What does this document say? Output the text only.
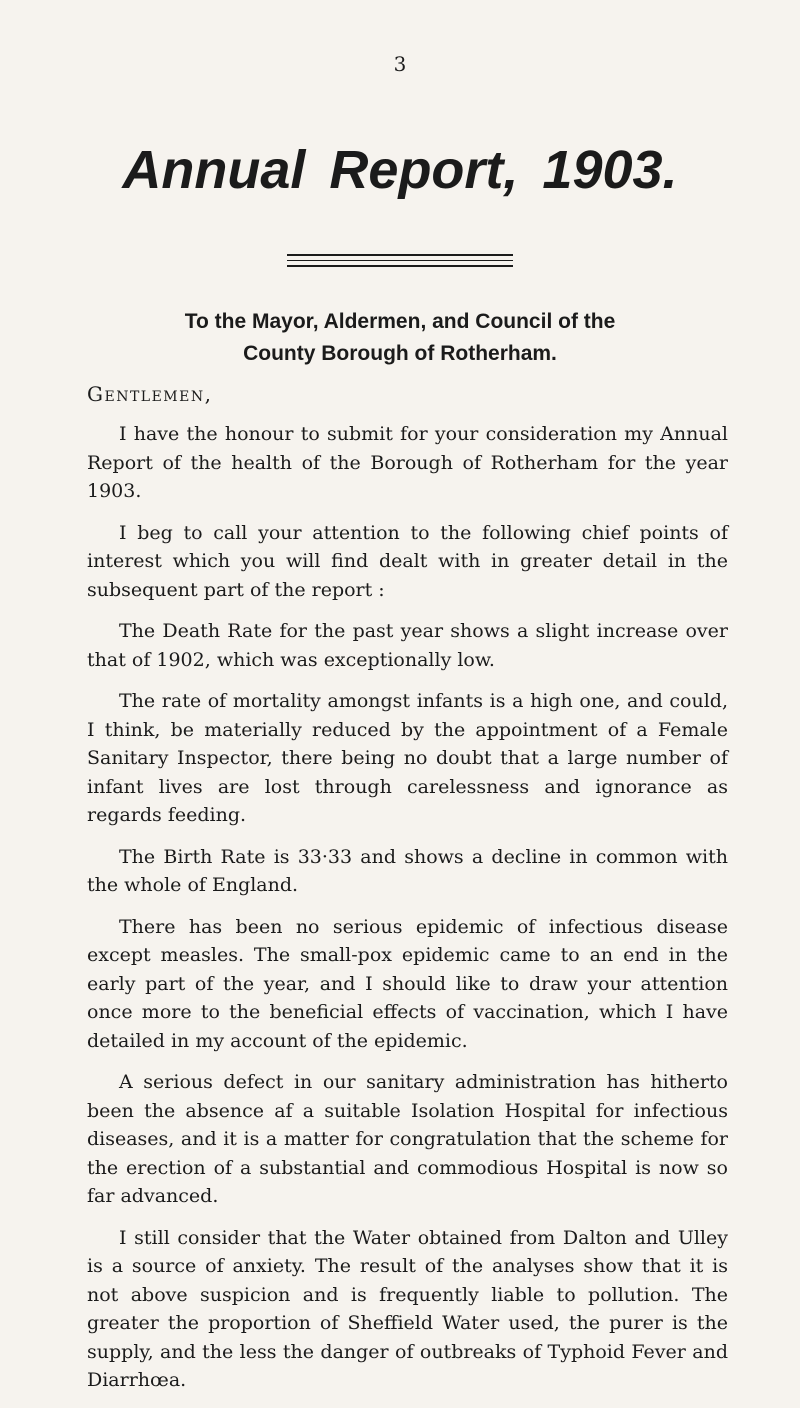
3
Annual Report, 1903.
To the Mayor, Aldermen, and Council of the
County Borough of Rotherham.
Gentlemen,

I have the honour to submit for your consideration my Annual Report of the health of the Borough of Rotherham for the year 1903.

I beg to call your attention to the following chief points of interest which you will find dealt with in greater detail in the subsequent part of the report :

The Death Rate for the past year shows a slight increase over that of 1902, which was exceptionally low.

The rate of mortality amongst infants is a high one, and could, I think, be materially reduced by the appointment of a Female Sanitary Inspector, there being no doubt that a large number of infant lives are lost through carelessness and ignorance as regards feeding.

The Birth Rate is 33·33 and shows a decline in common with the whole of England.

There has been no serious epidemic of infectious disease except measles. The small-pox epidemic came to an end in the early part of the year, and I should like to draw your attention once more to the beneficial effects of vaccination, which I have detailed in my account of the epidemic.

A serious defect in our sanitary administration has hitherto been the absence af a suitable Isolation Hospital for infectious diseases, and it is a matter for congratulation that the scheme for the erection of a substantial and commodious Hospital is now so far advanced.

I still consider that the Water obtained from Dalton and Ulley is a source of anxiety. The result of the analyses show that it is not above suspicion and is frequently liable to pollution. The greater the proportion of Sheffield Water used, the purer is the supply, and the less the danger of outbreaks of Typhoid Fever and Diarrhœa.
